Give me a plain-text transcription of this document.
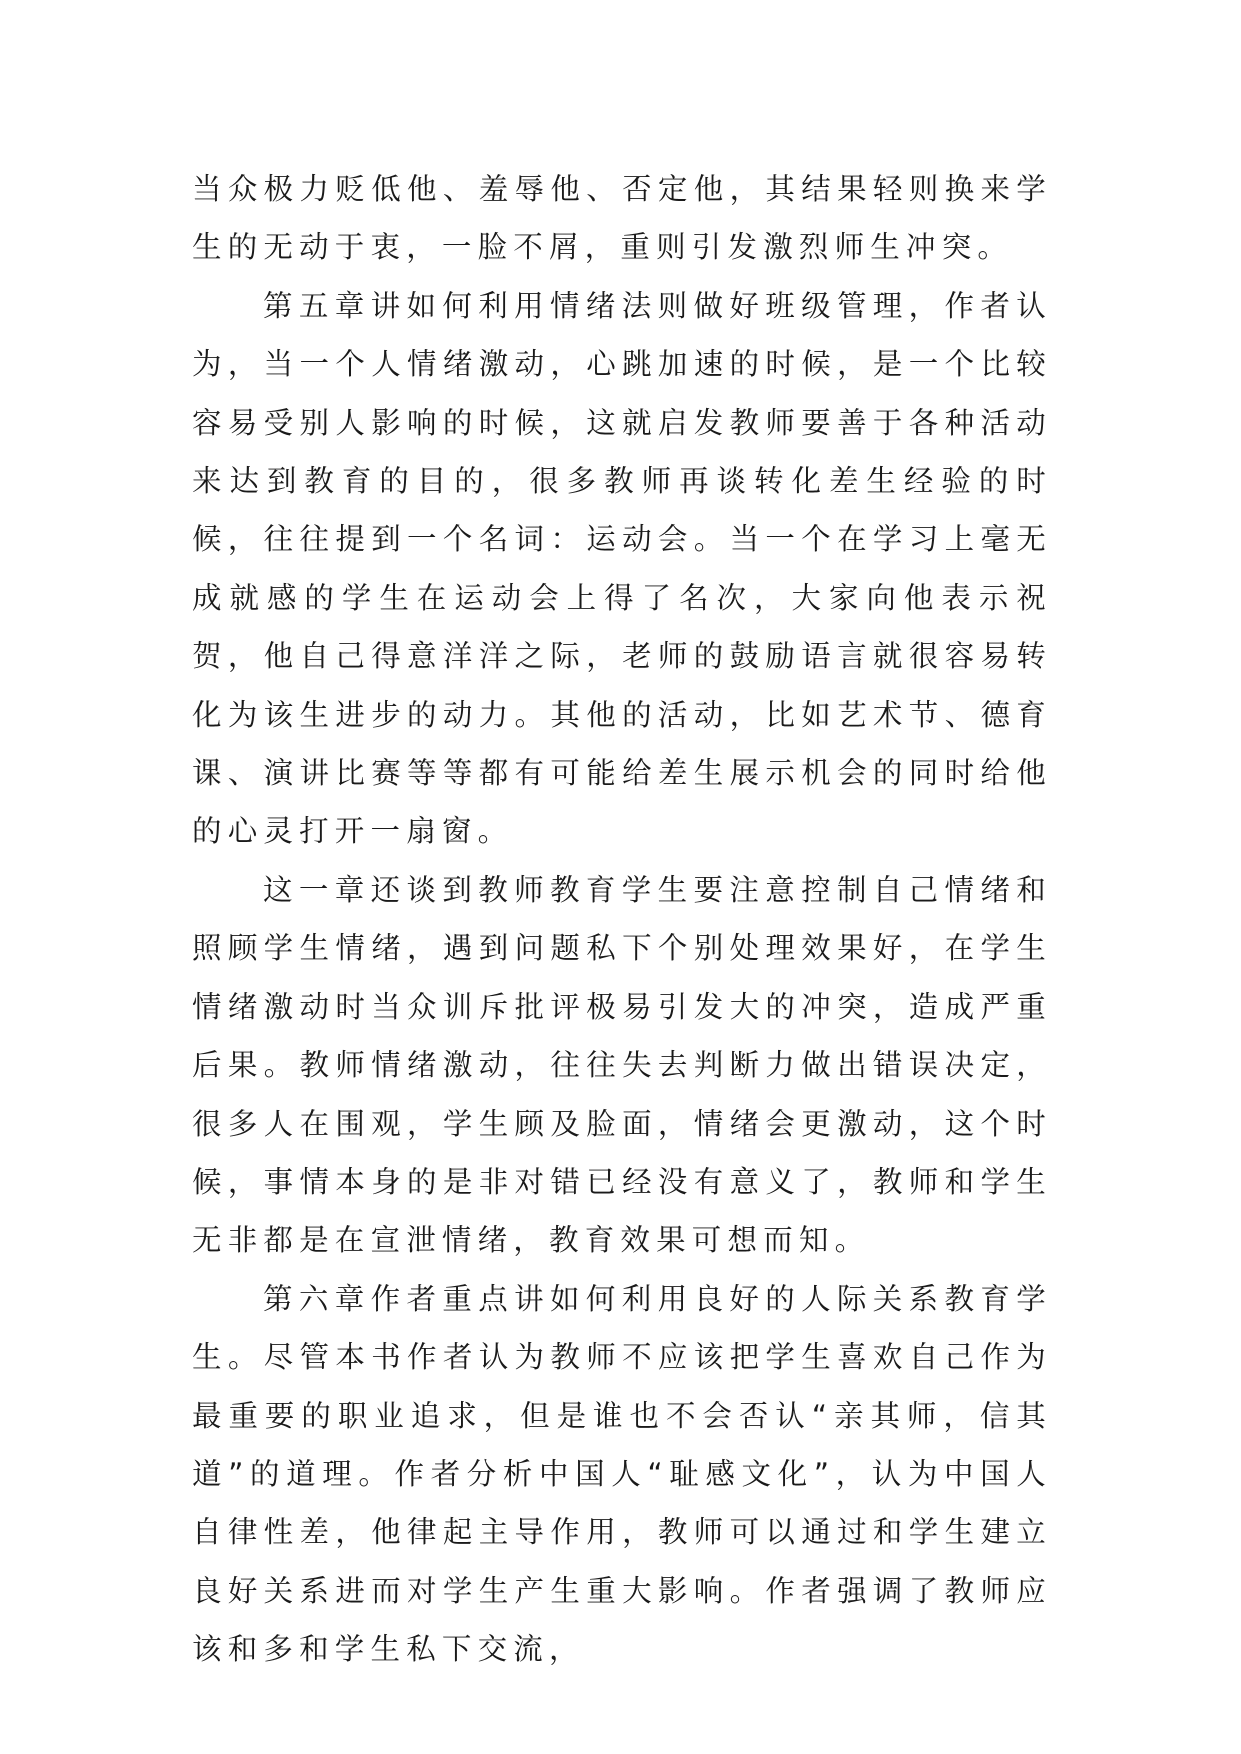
当众极力贬低他、羞辱他、否定他，其结果轻则换来学生的无动于衷，一脸不屑，重则引发激烈师生冲突。

第五章讲如何利用情绪法则做好班级管理，作者认为，当一个人情绪激动，心跳加速的时候，是一个比较容易受别人影响的时候，这就启发教师要善于各种活动来达到教育的目的，很多教师再谈转化差生经验的时候，往往提到一个名词：运动会。当一个在学习上毫无成就感的学生在运动会上得了名次，大家向他表示祝贺，他自己得意洋洋之际，老师的鼓励语言就很容易转化为该生进步的动力。其他的活动，比如艺术节、德育课、演讲比赛等等都有可能给差生展示机会的同时给他的心灵打开一扇窗。

这一章还谈到教师教育学生要注意控制自己情绪和照顾学生情绪，遇到问题私下个别处理效果好，在学生情绪激动时当众训斥批评极易引发大的冲突，造成严重后果。教师情绪激动，往往失去判断力做出错误决定，很多人在围观，学生顾及脸面，情绪会更激动，这个时候，事情本身的是非对错已经没有意义了，教师和学生无非都是在宣泄情绪，教育效果可想而知。

第六章作者重点讲如何利用良好的人际关系教育学生。尽管本书作者认为教师不应该把学生喜欢自己作为最重要的职业追求，但是谁也不会否认“亲其师，信其道”的道理。作者分析中国人“耻感文化”，认为中国人自律性差，他律起主导作用，教师可以通过和学生建立良好关系进而对学生产生重大影响。作者强调了教师应该和多和学生私下交流，
